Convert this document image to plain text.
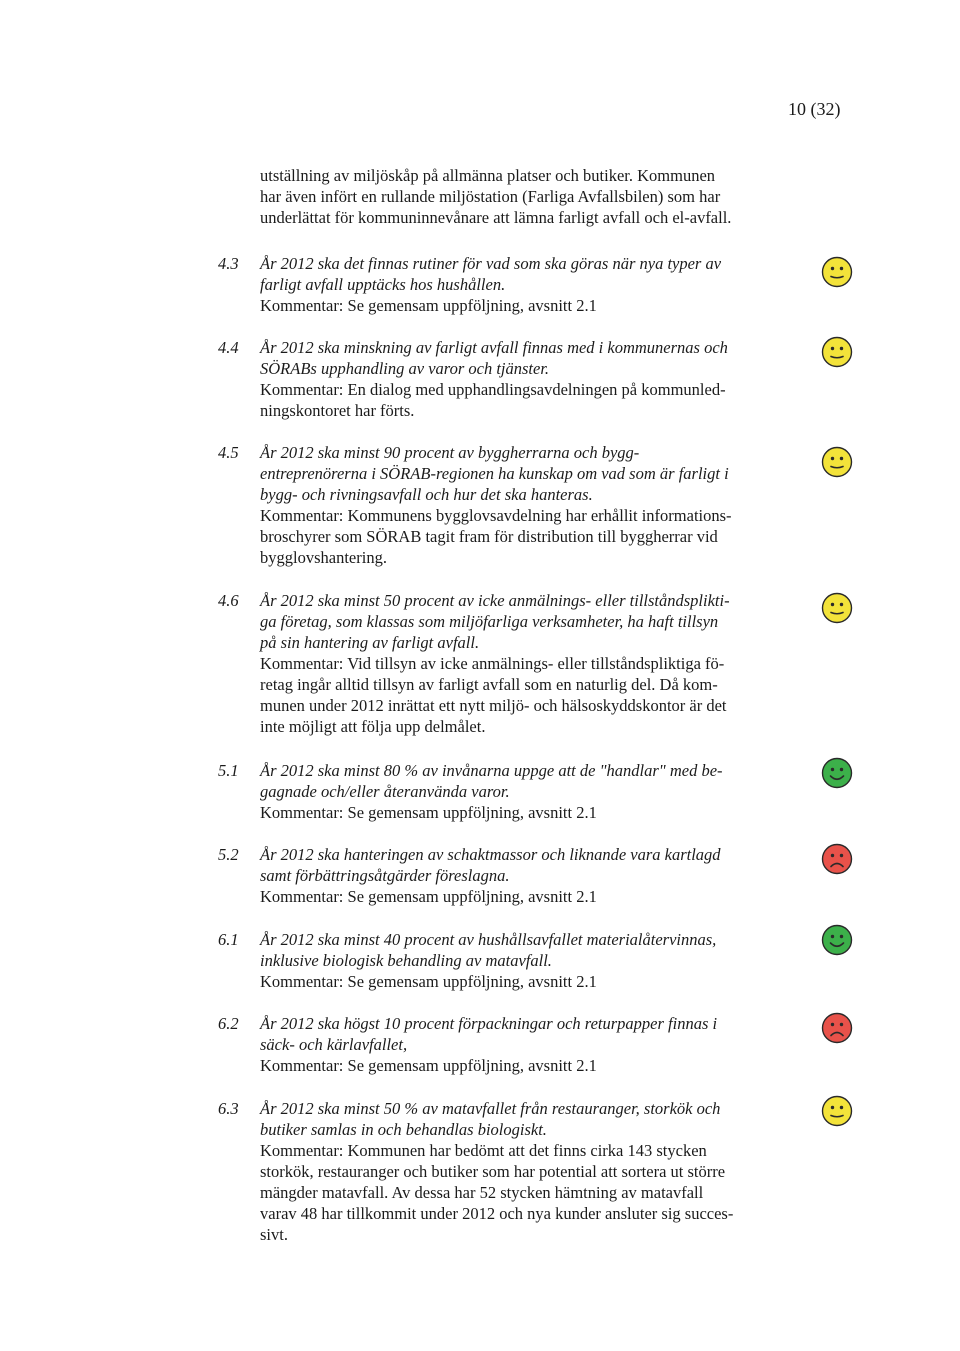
10 (32)
utställning av miljöskåp på allmänna platser och butiker. Kommunen
har även infört en rullande miljöstation (Farliga Avfallsbilen) som har
underlättat för kommuninnevånare att lämna farligt avfall och el-avfall.
4.3 År 2012 ska det finnas rutiner för vad som ska göras när nya typer av
farligt avfall upptäcks hos hushållen.
Kommentar: Se gemensam uppföljning, avsnitt 2.1
4.4 År 2012 ska minskning av farligt avfall finnas med i kommunernas och
SÖRABs upphandling av varor och tjänster.
Kommentar: En dialog med upphandlingsavdelningen på kommunled-
ningskontoret har förts.
4.5 År 2012 ska minst 90 procent av byggherrarna och bygg-
entreprenörerna i SÖRAB-regionen ha kunskap om vad som är farligt i
bygg- och rivningsavfall och hur det ska hanteras.
Kommentar: Kommunens bygglovsavdelning har erhållit informations-
broschyrer som SÖRAB tagit fram för distribution till byggherrar vid
bygglovshantering.
4.6 År 2012 ska minst 50 procent av icke anmälnings- eller tillståndsplikti-
ga företag, som klassas som miljöfarliga verksamheter, ha haft tillsyn
på sin hantering av farligt avfall.
Kommentar: Vid tillsyn av icke anmälnings- eller tillståndspliktiga fö-
retag ingår alltid tillsyn av farligt avfall som en naturlig del. Då kom-
munen under 2012 inrättat ett nytt miljö- och hälsoskyddskontor är det
inte möjligt att följa upp delmålet.
5.1 År 2012 ska minst 80 % av invånarna uppge att de "handlar" med be-
gagnade och/eller återanvända varor.
Kommentar: Se gemensam uppföljning, avsnitt 2.1
5.2 År 2012 ska hanteringen av schaktmassor och liknande vara kartlagd
samt förbättringsåtgärder föreslagna.
Kommentar: Se gemensam uppföljning, avsnitt 2.1
6.1 År 2012 ska minst 40 procent av hushållsavfallet materialåtervinnas,
inklusive biologisk behandling av matavfall.
Kommentar: Se gemensam uppföljning, avsnitt 2.1
6.2 År 2012 ska högst 10 procent förpackningar och returpapper finnas i
säck- och kärlavfallet,
Kommentar: Se gemensam uppföljning, avsnitt 2.1
6.3 År 2012 ska minst 50 % av matavfallet från restauranger, storkök och
butiker samlas in och behandlas biologiskt.
Kommentar: Kommunen har bedömt att det finns cirka 143 stycken
storkök, restauranger och butiker som har potential att sortera ut större
mängder matavfall. Av dessa har 52 stycken hämtning av matavfall
varav 48 har tillkommit under 2012 och nya kunder ansluter sig succes-
sivt.
